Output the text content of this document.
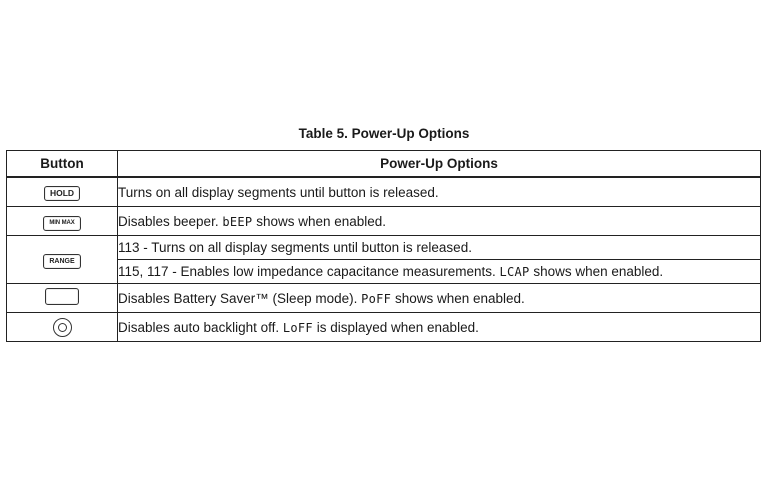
Table 5. Power-Up Options
Button	Power-Up Options
HOLD	Turns on all display segments until button is released.
MIN MAX	Disables beeper. bEEP shows when enabled.
RANGE	113 - Turns on all display segments until button is released.
	115, 117 - Enables low impedance capacitance measurements. LCAP shows when enabled.
	Disables Battery Saver™ (Sleep mode). PoFF shows when enabled.

	Disables auto backlight off. LoFF is displayed when enabled.
